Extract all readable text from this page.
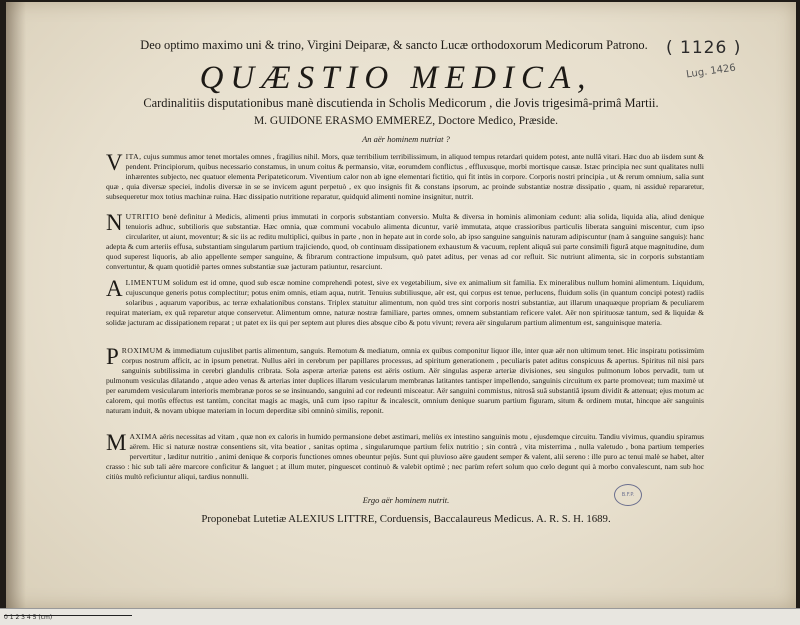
( 1126 )
Lug. 1426
Deo optimo maximo uni & trino, Virgini Deiparæ, & sancto Lucæ orthodoxorum Medicorum Patrono.
QUÆSTIO MEDICA,
Cardinalitiis disputationibus manè discutienda in Scholis Medicorum , die Jovis trigesimâ-primâ Martii.
M. GUIDONE ERASMO EMMEREZ, Doctore Medico, Præside.
An aër hominem nutriat ?
VITA, cujus summus amor tenet mortales omnes , fragilius nihil. Mors, quæ terribilium terribilissimum, in aliquod tempus retardari quidem potest, ante nullâ vitari. Hæc duo ab iisdem sunt & pendent. Principiorum, quibus necessario constamus, in unum coitus & permansio, vitæ, eorumdem conflictus , effluxusque, morbi mortisque causæ. Istæc principia nec sunt qualitates nulli inhærentes subjecto, nec quatuor elementa Peripateticorum. Viventium calor non ab igne elementari fictitio, qui fit intùs in corpore. Corporis nostri principia , ut & rerum omnium, salia sunt quæ , quia diversæ speciei, indolis diversæ in se se invicem agunt perpetuò , ex quo insignis fit & constans ipsorum, ac proinde substantiæ nostræ dissipatio , quam, ni assiduè repararetur, subsequeretur mox totius machinæ ruina. Hæc dissipatio nutritione reparatur, quidquid alimenti nomine insignitur, nutrit.
NUTRITIO benè definitur à Medicis, alimenti prius immutati in corporis substantiam conversio. Multa & diversa in hominis alimoniam cedunt: alia solida, liquida alia, aliud denique tenuioris adhuc, subtilioris que substantiæ. Hæc omnia, quæ communi vocabulo alimenta dicuntur, variè immutata, atque crassioribus particulis liberata sanguini miscentur, cum ipso circulariter, ut aiunt, moventur; & sic iis ac reditu multiplici, quibus in parte , non in hepate aut in corde solo, ab ipso sanguine sanguinis naturam adipiscuntur (nam à sanguine sanguis): hanc adepta & cum arteriis effusa, substantiam singularum partium trajiciendo, quod, ob continuam dissipationem exhaustum & vacuum, replent aliquâ sui parte consimili figurâ atque magnitudine, dum quod superest liquoris, ab alio appellente semper sanguine, & fibrarum contractione impulsum, quò patet aditus, per venas ad cor refluit. Sic nutriunt alimenta, sic in corporis substantiam convertuntur, & quam quotidiè partes omnes substantiæ suæ jacturam patiuntur, resarciunt.
ALIMENTUM solidum est id omne, quod sub escæ nomine comprehendi potest, sive ex vegetabilium, sive ex animalium sit familia. Ex mineralibus nullum homini alimentum. Liquidum, cujuscunque generis potus complectitur; potus enim omnis, etiam aqua, nutrit. Tenuius subtiliusque, aër est, qui corpus est tenue, perlucens, fluidum solis (in quantum concipi potest) radiis solaribus , aquarum vaporibus, ac terræ exhalationibus constans. Triplex statuitur alimentum, non quòd tres sint corporis nostri substantiæ, aut illarum unaquæque propriam & peculiarem requirat materiam, ex quâ reparetur atque conservetur. Alimentum omne, naturæ nostræ familiare, partes omnes, omnem substantiam reficere valet. Aër non spirituosæ tantum, sed & liquidæ & solidæ jacturam ac dissipationem reparat ; ut patet ex iis qui per septem aut plures dies absque cibo & potu vivunt; revera aër singularum partium alimentum est, sanguinisque materia.
PROXIMUM & immediatum cujuslibet partis alimentum, sanguis. Remotum & mediatum, omnia ex quibus componitur liquor ille, inter quæ aër non ultimum tenet. Hic inspiratu potissimùm corpus nostrum afficit, ac in ipsum penetrat. Nullus aëri in cerebrum per papillares processus, ad spiritum generationem , peculiaris patet aditus conspicuus & apertus. Spiritus nil nisi pars sanguinis subtilissima in cerebri glandulis cribrata. Sola asperæ arteriæ patens est aëris ostium. Aër singulas asperæ arteriæ divisiones, seu singulos pulmonum lobos pervadit, tum ut pulmonum vesiculas dilatando , atque adeo venas & arterias inter duplices illarum vesicularum membranas latitantes tantisper impellendo, sanguinis circuitum ex parte promoveat; tum maximè ut per earumdem vesicularum interioris membranæ poros se se insinuando, sanguini ad cor redeunti misceatur. Aër sanguini commistus, nitrosâ suâ substantiâ ipsum dividit & attenuat; ejus motum ac calorem, qui motûs effectus est tantùm, concitat magis ac magis, unâ cum ipso rapitur & incalescit, omnium denique suarum partium figuram, situm & ordinem mutat, hincque aër sanguinis naturam induit, & novam ubique materiam in locum deperditæ sibi omninò similis, reponit.
MAXIMA aëris necessitas ad vitam , quæ non ex caloris in humido permansione debet æstimari, meliùs ex intestino sanguinis motu , ejusdemque circuitu. Tandiu vivimus, quandiu spiramus aërem. Hic si naturæ nostræ consentiens sit, vita beatior , sanitas optima , singularumque partium felix nutritio ; sin contrà , vita misterrima , nulla valetudo , bona partium temperies pervertitur , læditur nutritio , animi denique & corporis functiones omnes obeuntur pejùs. Sunt qui pluvioso aëre gaudent semper & valent, alii sereno : ille puro ac tenui malè se habet, alter crasso : hic sub tali aëre marcore conficitur & languet ; at illum muter, pinguescet continuò & valebit optimè ; nec parùm refert solum quo cœlo degunt qui à morbo convalescunt, nam sub hoc citiùs multò reficiuntur aliqui, tardius nonnulli.
Ergo aër hominem nutrit.	B.F.P.
Proponebat Lutetiæ ALEXIUS LITTRE, Corduensis, Baccalaureus Medicus. A. R. S. H. 1689.
0 1 2 3 4 5 (cm)
